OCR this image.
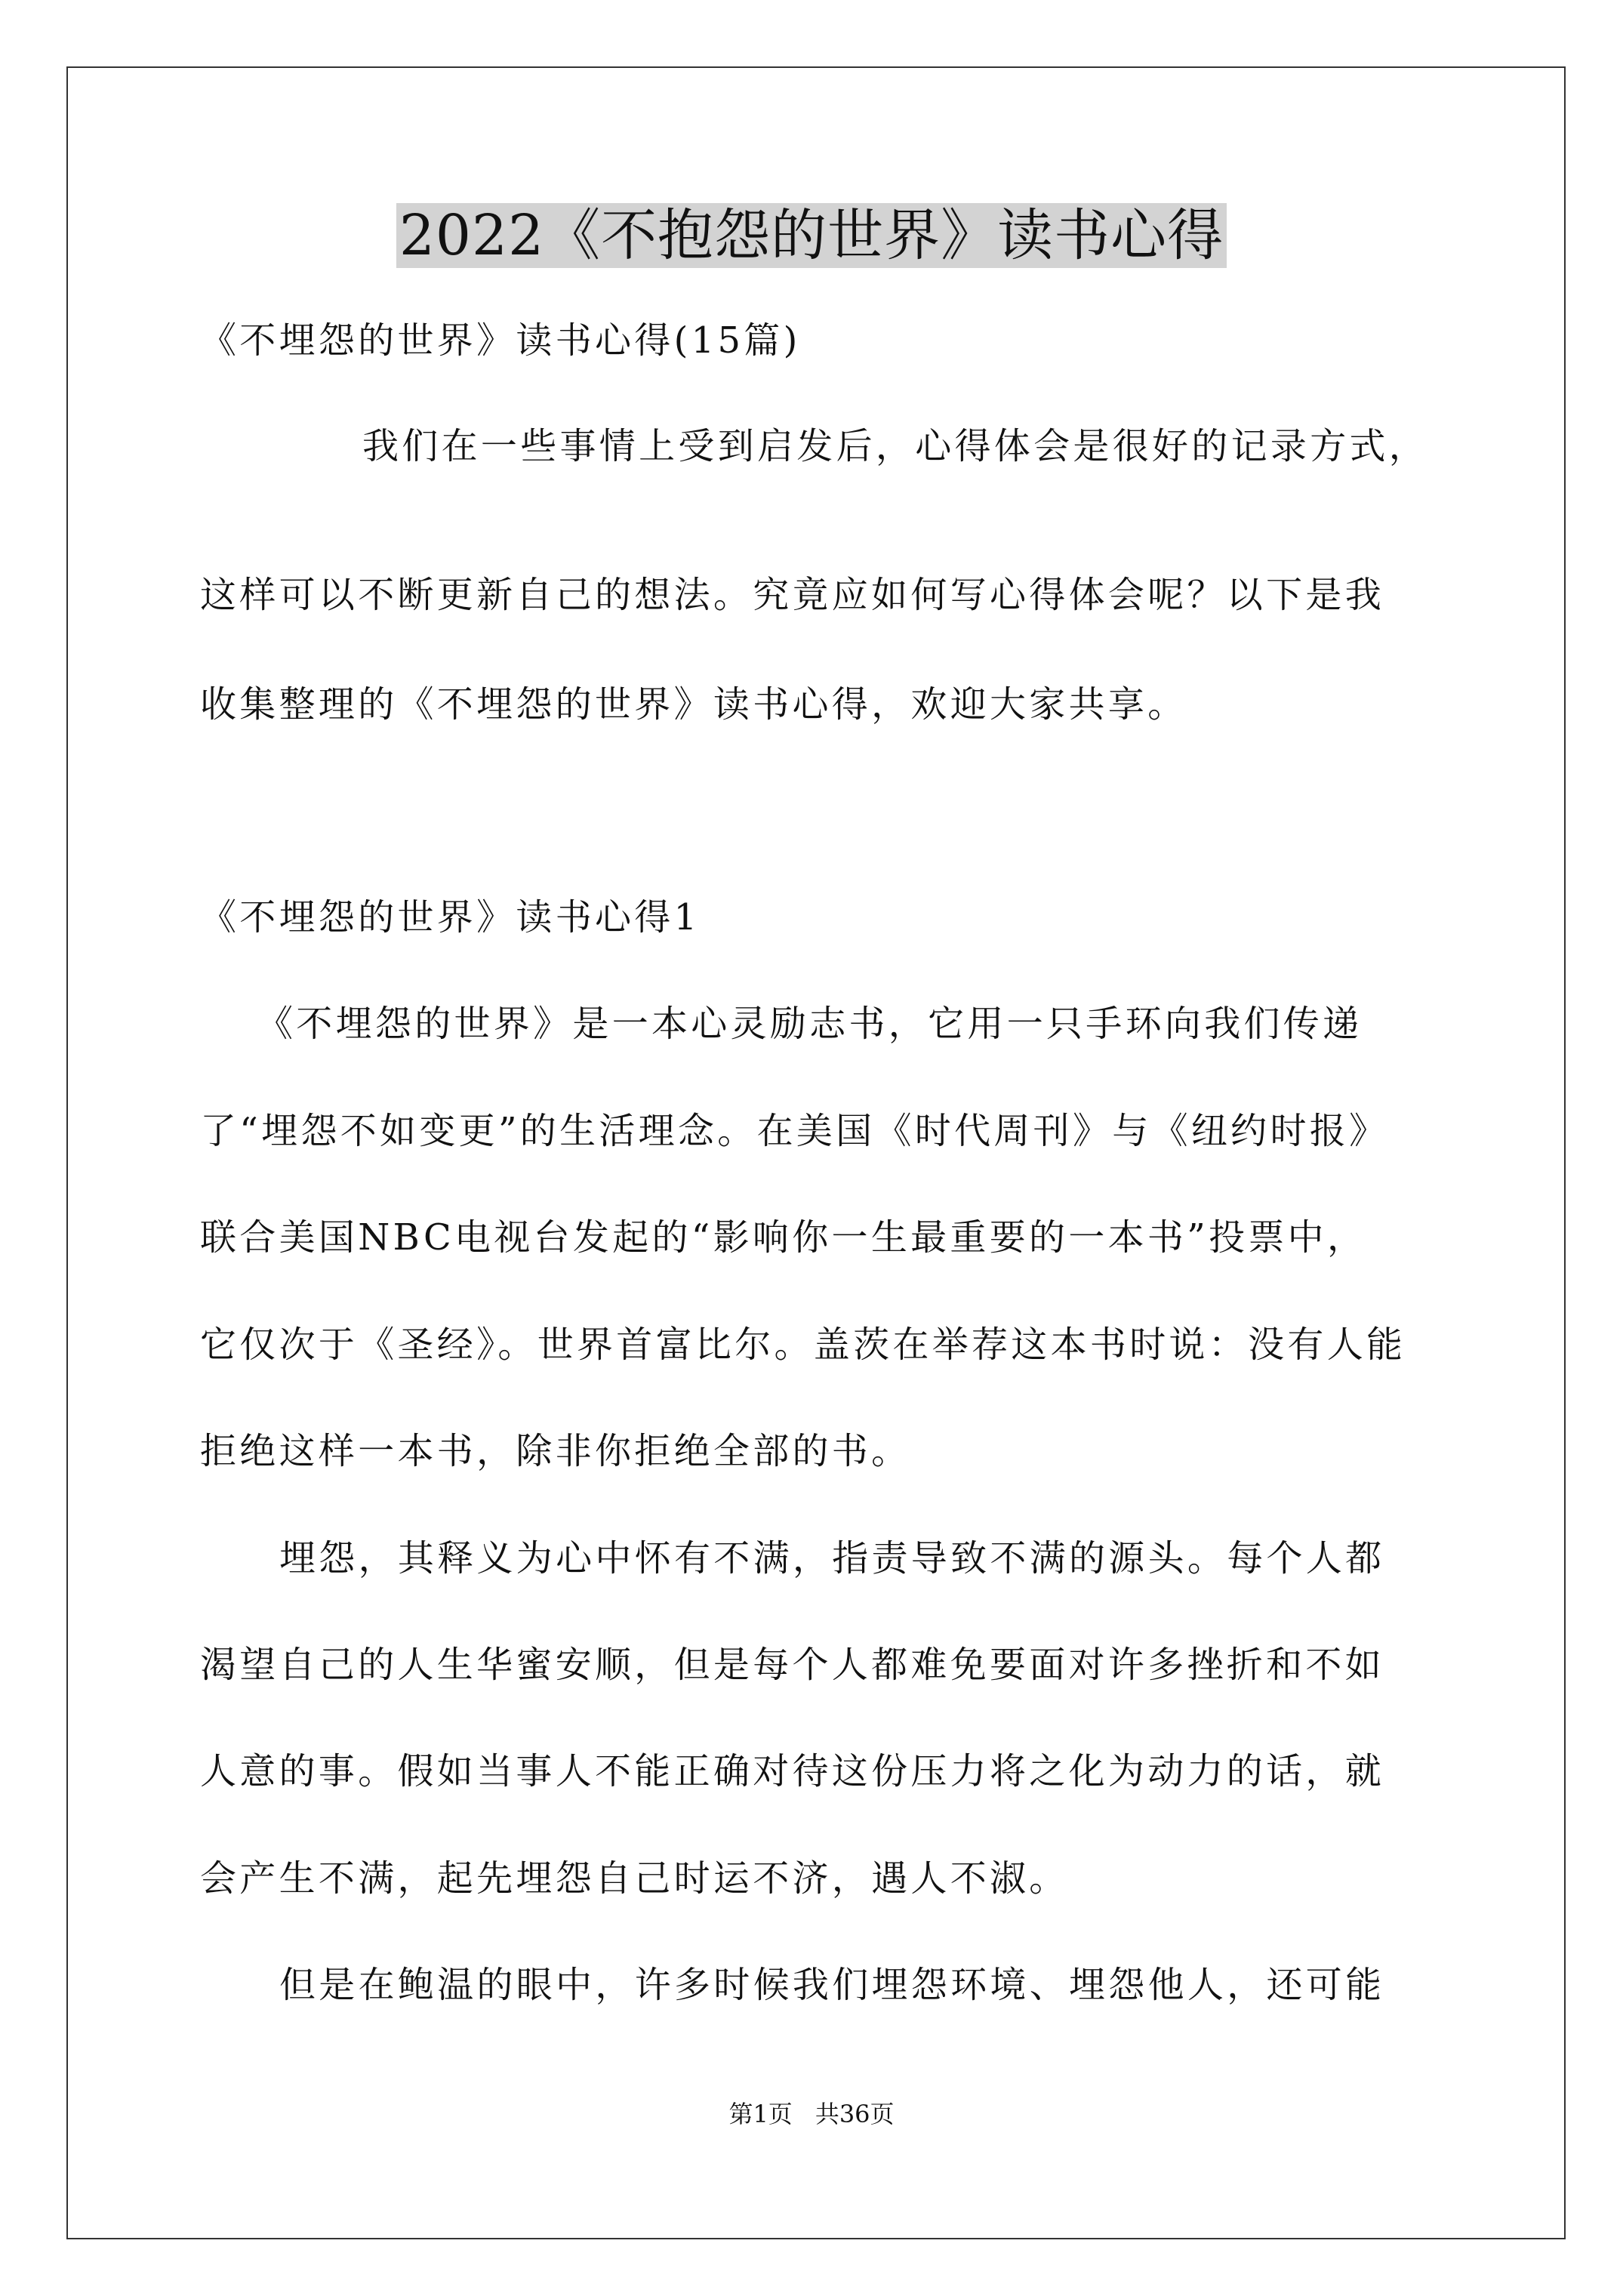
2022《不抱怨的世界》读书心得
《不埋怨的世界》读书心得(15篇)
我们在一些事情上受到启发后，心得体会是很好的记录方式，
这样可以不断更新自己的想法。究竟应如何写心得体会呢？以下是我
收集整理的《不埋怨的世界》读书心得，欢迎大家共享。
《不埋怨的世界》读书心得1
《不埋怨的世界》是一本心灵励志书，它用一只手环向我们传递
了“埋怨不如变更”的生活理念。在美国《时代周刊》与《纽约时报》
联合美国NBC电视台发起的“影响你一生最重要的一本书”投票中，
它仅次于《圣经》。世界首富比尔。盖茨在举荐这本书时说：没有人能
拒绝这样一本书，除非你拒绝全部的书。
埋怨，其释义为心中怀有不满，指责导致不满的源头。每个人都
渴望自己的人生华蜜安顺，但是每个人都难免要面对许多挫折和不如
人意的事。假如当事人不能正确对待这份压力将之化为动力的话，就
会产生不满，起先埋怨自己时运不济，遇人不淑。
但是在鲍温的眼中，许多时候我们埋怨环境、埋怨他人，还可能
第1页 共36页
